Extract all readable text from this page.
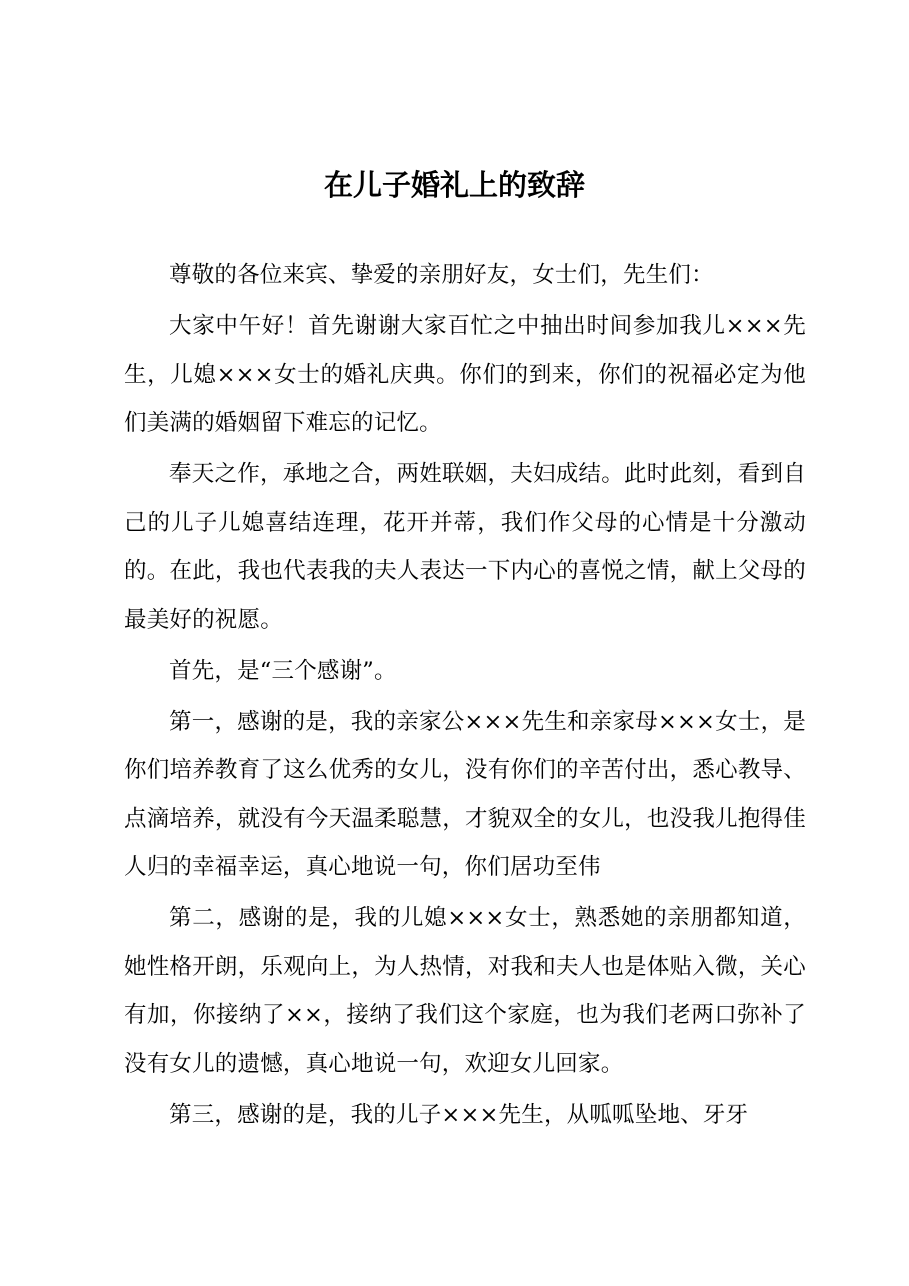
在儿子婚礼上的致辞

尊敬的各位来宾、挚爱的亲朋好友，女士们，先生们：

大家中午好！首先谢谢大家百忙之中抽出时间参加我儿×××先生，儿媳×××女士的婚礼庆典。你们的到来，你们的祝福必定为他们美满的婚姻留下难忘的记忆。

奉天之作，承地之合，两姓联姻，夫妇成结。此时此刻，看到自己的儿子儿媳喜结连理，花开并蒂，我们作父母的心情是十分激动的。在此，我也代表我的夫人表达一下内心的喜悦之情，献上父母的最美好的祝愿。

首先，是“三个感谢”。

第一，感谢的是，我的亲家公×××先生和亲家母×××女士，是你们培养教育了这么优秀的女儿，没有你们的辛苦付出，悉心教导、点滴培养，就没有今天温柔聪慧，才貌双全的女儿，也没我儿抱得佳人归的幸福幸运，真心地说一句，你们居功至伟

第二，感谢的是，我的儿媳×××女士，熟悉她的亲朋都知道，她性格开朗，乐观向上，为人热情，对我和夫人也是体贴入微，关心有加，你接纳了××，接纳了我们这个家庭，也为我们老两口弥补了没有女儿的遗憾，真心地说一句，欢迎女儿回家。

第三，感谢的是，我的儿子×××先生，从呱呱坠地、牙牙
